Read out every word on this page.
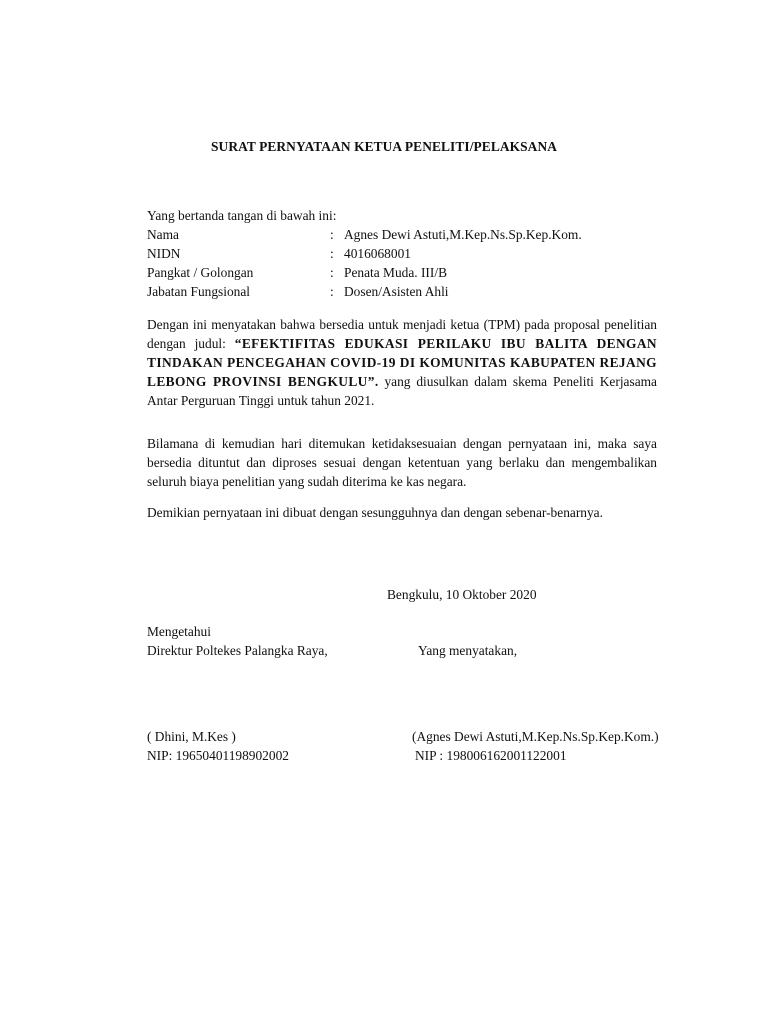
SURAT PERNYATAAN KETUA PENELITI/PELAKSANA
Yang bertanda tangan di bawah ini:
Nama	: Agnes Dewi Astuti,M.Kep.Ns.Sp.Kep.Kom.
NIDN	: 4016068001
Pangkat / Golongan	: Penata Muda. III/B
Jabatan Fungsional	: Dosen/Asisten Ahli

Dengan ini menyatakan bahwa bersedia untuk menjadi ketua (TPM) pada proposal penelitian dengan judul: “EFEKTIFITAS EDUKASI PERILAKU IBU BALITA DENGAN TINDAKAN PENCEGAHAN COVID-19 DI KOMUNITAS KABUPATEN REJANG LEBONG PROVINSI BENGKULU”. yang diusulkan dalam skema Peneliti Kerjasama Antar Perguruan Tinggi untuk tahun 2021.

Bilamana di kemudian hari ditemukan ketidaksesuaian dengan pernyataan ini, maka saya bersedia dituntut dan diproses sesuai dengan ketentuan yang berlaku dan mengembalikan seluruh biaya penelitian yang sudah diterima ke kas negara.

Demikian pernyataan ini dibuat dengan sesungguhnya dan dengan sebenar-benarnya.

Bengkulu, 10 Oktober 2020
Mengetahui
Direktur Poltekes Palangka Raya,	Yang menyatakan,
( Dhini, M.Kes )	(Agnes Dewi Astuti,M.Kep.Ns.Sp.Kep.Kom.)
NIP: 19650401198902002	NIP : 198006162001122001
